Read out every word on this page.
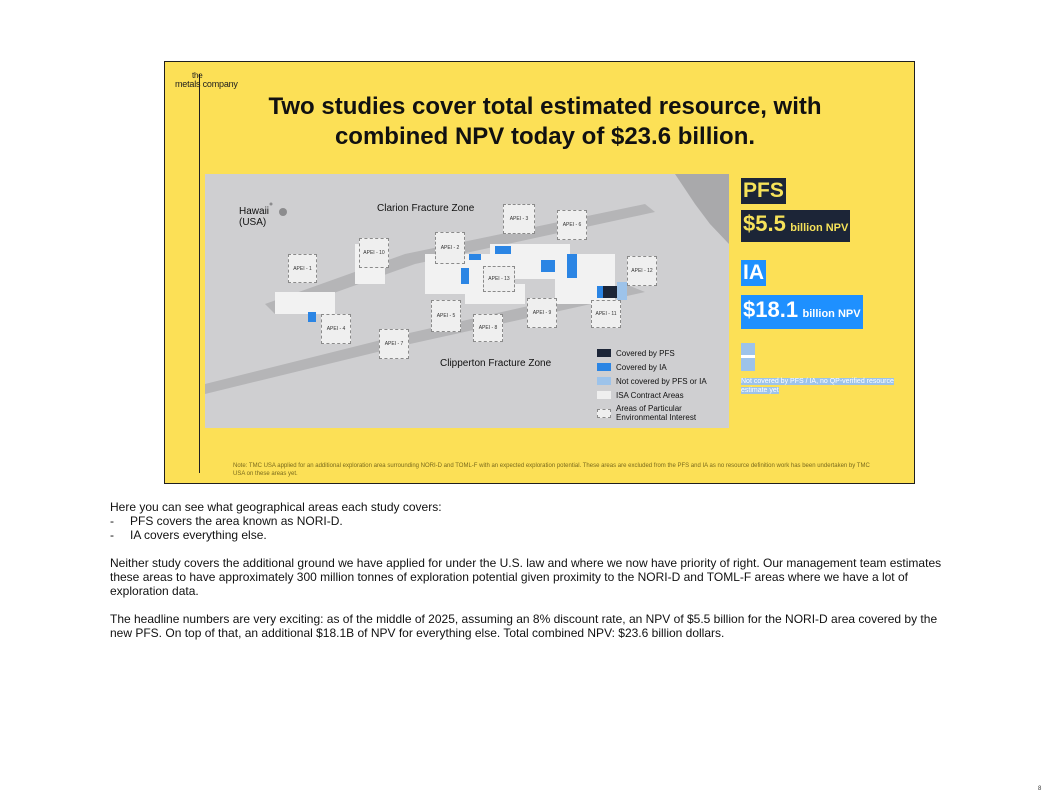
the
metals company
Two studies cover total estimated resource, with
combined NPV today of $23.6 billion.
Hawaii
(USA)
Clarion Fracture Zone
Clipperton Fracture Zone
APEI - 1
APEI - 2
APEI - 3
APEI - 4
APEI - 5
APEI - 6
APEI - 7
APEI - 8
APEI - 9
APEI - 10
APEI - 11
APEI - 12
APEI - 13
Covered by PFS
Covered by IA
Not covered by PFS or IA
ISA Contract Areas
Areas of Particular
Environmental Interest
PFS
$5.5 billion NPV
IA
$18.1 billion NPV
Not covered by PFS / IA, no QP-verified resource estimate yet
Note: TMC USA applied for an additional exploration area surrounding NORI-D and TOML-F with an expected exploration potential. These areas are excluded from the PFS and IA as no resource definition work has been undertaken by TMC USA on these areas yet.

Here you can see what geographical areas each study covers:

-	PFS covers the area known as NORI-D.
-	IA covers everything else.

Neither study covers the additional ground we have applied for under the U.S. law and where we now have priority of right. Our management team estimates these areas to have approximately 300 million tonnes of exploration potential given proximity to the NORI-D and TOML-F areas where we have a lot of exploration data.

The headline numbers are very exciting: as of the middle of 2025, assuming an 8% discount rate, an NPV of $5.5 billion for the NORI-D area covered by the new PFS. On top of that, an additional $18.1B of NPV for everything else. Total combined NPV: $23.6 billion dollars.

8
